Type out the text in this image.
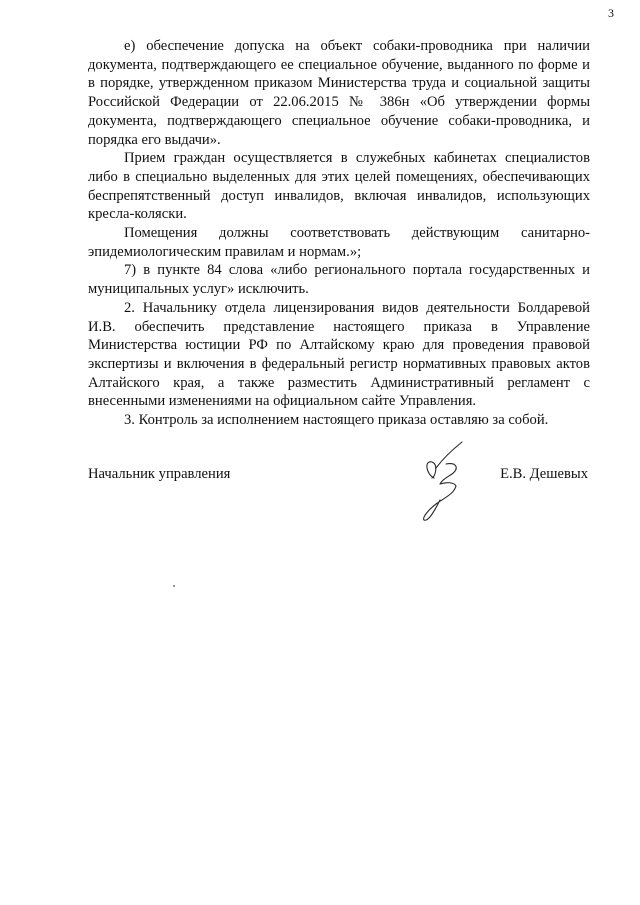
3

е) обеспечение допуска на объект собаки-проводника при наличии документа, подтверждающего ее специальное обучение, выданного по форме и в порядке, утвержденном приказом Министерства труда и социальной защиты Российской Федерации от 22.06.2015 № 386н «Об утверждении формы документа, подтверждающего специальное обучение собаки-проводника, и порядка его выдачи».

Прием граждан осуществляется в служебных кабинетах специалистов либо в специально выделенных для этих целей помещениях, обеспечивающих беспрепятственный доступ инвалидов, включая инвалидов, использующих кресла-коляски.

Помещения должны соответствовать действующим санитарно-эпидемиологическим правилам и нормам.»;

7) в пункте 84 слова «либо регионального портала государственных и муниципальных услуг» исключить.

2. Начальнику отдела лицензирования видов деятельности Болдаревой И.В. обеспечить представление настоящего приказа в Управление Министерства юстиции РФ по Алтайскому краю для проведения правовой экспертизы и включения в федеральный регистр нормативных правовых актов Алтайского края, а также разместить Административный регламент с внесенными изменениями на официальном сайте Управления.

3. Контроль за исполнением настоящего приказа оставляю за собой.

Начальник управления	Е.В. Дешевых
